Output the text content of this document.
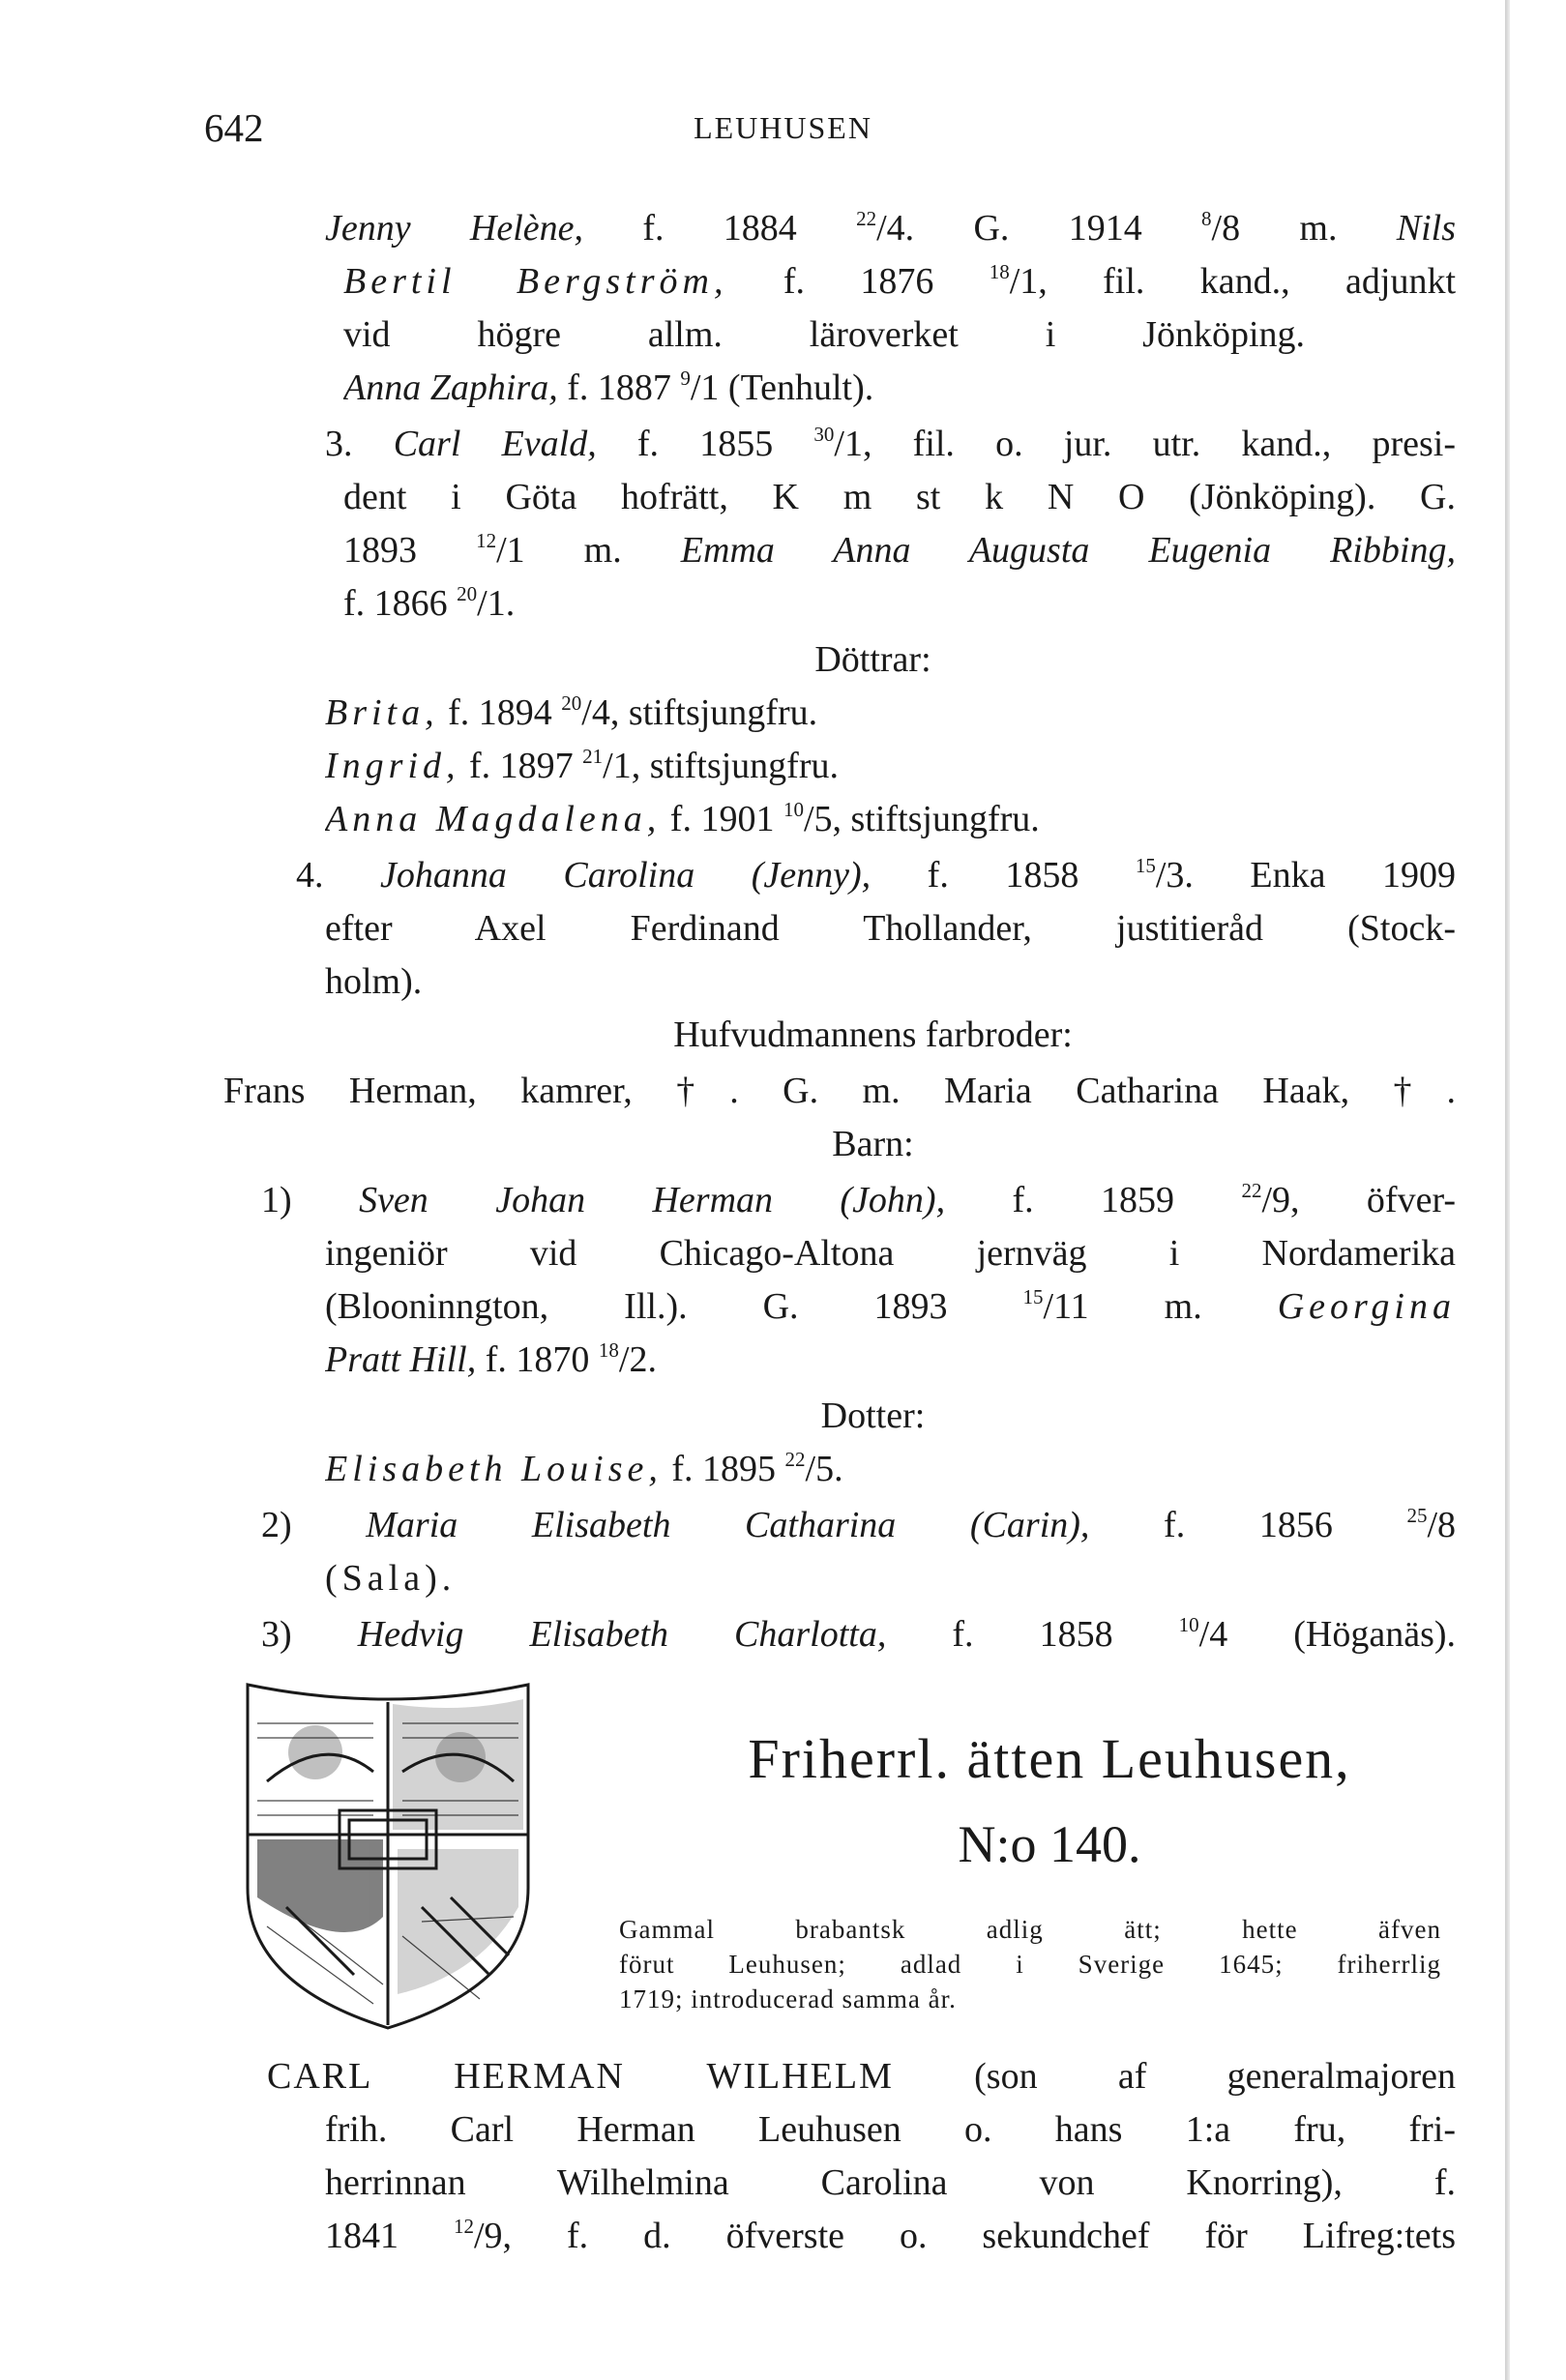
642	LEUHUSEN
Jenny Helène, f. 1884 $^{22}$/4. G. 1914 $^8$/8 m. Nils
Bertil Bergström, f. 1876 $^{18}$/1, fil. kand., adjunkt
vid högre allm. läroverket i Jönköping.
Anna Zaphira, f. 1887 $^9$/1 (Tenhult).
3. Carl Evald, f. 1855 $^{30}$/1, fil. o. jur. utr. kand., presi-
dent i Göta hofrätt, K m st k N O (Jönköping). G.
1893 $^{12}$/1 m. Emma Anna Augusta Eugenia Ribbing,
f. 1866 $^{20}$/1.
Döttrar:
Brita, f. 1894 $^{20}$/4, stiftsjungfru.
Ingrid, f. 1897 $^{21}$/1, stiftsjungfru.
Anna Magdalena, f. 1901 $^{10}$/5, stiftsjungfru.
4. Johanna Carolina (Jenny), f. 1858 $^{15}$/3. Enka 1909
efter Axel Ferdinand Thollander, justitieråd (Stock-
holm).
Hufvudmannens farbroder:
Frans Herman, kamrer, †. G. m. Maria Catharina Haak, †.
Barn:
1) Sven Johan Herman (John), f. 1859 $^{22}$/9, öfver-
ingeniör vid Chicago-Altona jernväg i Nordamerika
(Blooninngton, Ill.). G. 1893 $^{15}$/11 m. Georgina
Pratt Hill, f. 1870 $^{18}$/2.
Dotter:
Elisabeth Louise, f. 1895 $^{22}$/5.
2) Maria Elisabeth Catharina (Carin), f. 1856 $^{25}$/8
(Sala).
3) Hedvig Elisabeth Charlotta, f. 1858 $^{10}$/4 (Höganäs).
Friherrl. ätten Leuhusen,
N:o 140.
Gammal brabantsk adlig ätt; hette äfven
förut Leuhusen; adlad i Sverige 1645; friherrlig
1719; introducerad samma år.
CARL HERMAN WILHELM (son af generalmajoren
frih. Carl Herman Leuhusen o. hans 1:a fru, fri-
herrinnan Wilhelmina Carolina von Knorring), f.
1841 $^{12}$/9, f. d. öfverste o. sekundchef för Lifreg:tets
